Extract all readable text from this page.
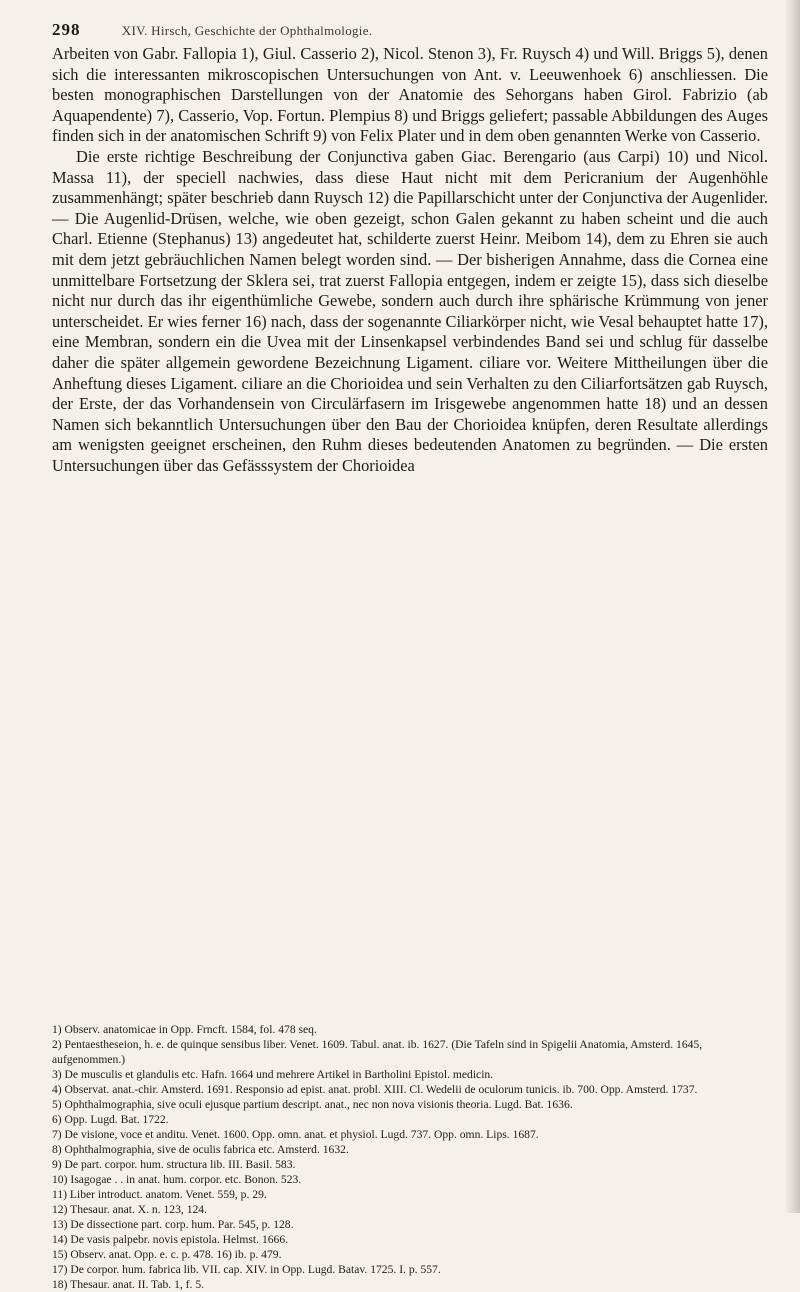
298	XIV. Hirsch, Geschichte der Ophthalmologie.

Arbeiten von Gabr. Fallopia 1), Giul. Casserio 2), Nicol. Stenon 3), Fr. Ruysch 4) und Will. Briggs 5), denen sich die interessanten mikroscopischen Untersuchungen von Ant. v. Leeuwenhoek 6) anschliessen. Die besten monographischen Darstellungen von der Anatomie des Sehorgans haben Girol. Fabrizio (ab Aquapendente) 7), Casserio, Vop. Fortun. Plempius 8) und Briggs geliefert; passable Abbildungen des Auges finden sich in der anatomischen Schrift 9) von Felix Plater und in dem oben genannten Werke von Casserio.

Die erste richtige Beschreibung der Conjunctiva gaben Giac. Berengario (aus Carpi) 10) und Nicol. Massa 11), der speciell nachwies, dass diese Haut nicht mit dem Pericranium der Augenhöhle zusammenhängt; später beschrieb dann Ruysch 12) die Papillarschicht unter der Conjunctiva der Augenlider. — Die Augenlid-Drüsen, welche, wie oben gezeigt, schon Galen gekannt zu haben scheint und die auch Charl. Etienne (Stephanus) 13) angedeutet hat, schilderte zuerst Heinr. Meibom 14), dem zu Ehren sie auch mit dem jetzt gebräuchlichen Namen belegt worden sind. — Der bisherigen Annahme, dass die Cornea eine unmittelbare Fortsetzung der Sklera sei, trat zuerst Fallopia entgegen, indem er zeigte 15), dass sich dieselbe nicht nur durch das ihr eigenthümliche Gewebe, sondern auch durch ihre sphärische Krümmung von jener unterscheidet. Er wies ferner 16) nach, dass der sogenannte Ciliarkörper nicht, wie Vesal behauptet hatte 17), eine Membran, sondern ein die Uvea mit der Linsenkapsel verbindendes Band sei und schlug für dasselbe daher die später allgemein gewordene Bezeichnung Ligament. ciliare vor. Weitere Mittheilungen über die Anheftung dieses Ligament. ciliare an die Chorioidea und sein Verhalten zu den Ciliarfortsätzen gab Ruysch, der Erste, der das Vorhandensein von Circulärfasern im Irisgewebe angenommen hatte 18) und an dessen Namen sich bekanntlich Untersuchungen über den Bau der Chorioidea knüpfen, deren Resultate allerdings am wenigsten geeignet erscheinen, den Ruhm dieses bedeutenden Anatomen zu begründen. — Die ersten Untersuchungen über das Gefässsystem der Chorioidea

1) Observ. anatomicae in Opp. Frncft. 1584, fol. 478 seq.

2) Pentaestheseion, h. e. de quinque sensibus liber. Venet. 1609. Tabul. anat. ib. 1627. (Die Tafeln sind in Spigelii Anatomia, Amsterd. 1645, aufgenommen.)

3) De musculis et glandulis etc. Hafn. 1664 und mehrere Artikel in Bartholini Epistol. medicin.

4) Observat. anat.-chir. Amsterd. 1691. Responsio ad epist. anat. probl. XIII. Cl. Wedelii de oculorum tunicis. ib. 700. Opp. Amsterd. 1737.

5) Ophthalmographia, sive oculi ejusque partium descript. anat., nec non nova visionis theoria. Lugd. Bat. 1636.

6) Opp. Lugd. Bat. 1722.

7) De visione, voce et anditu. Venet. 1600. Opp. omn. anat. et physiol. Lugd. 737. Opp. omn. Lips. 1687.

8) Ophthalmographia, sive de oculis fabrica etc. Amsterd. 1632.

9) De part. corpor. hum. structura lib. III. Basil. 583.

10) Isagogae . . in anat. hum. corpor. etc. Bonon. 523.

11) Liber introduct. anatom. Venet. 559, p. 29.

12) Thesaur. anat. X. n. 123, 124.

13) De dissectione part. corp. hum. Par. 545, p. 128.

14) De vasis palpebr. novis epistola. Helmst. 1666.

15) Observ. anat. Opp. e. c. p. 478. 16) ib. p. 479.

17) De corpor. hum. fabrica lib. VII. cap. XIV. in Opp. Lugd. Batav. 1725. I. p. 557.

18) Thesaur. anat. II. Tab. 1, f. 5.
